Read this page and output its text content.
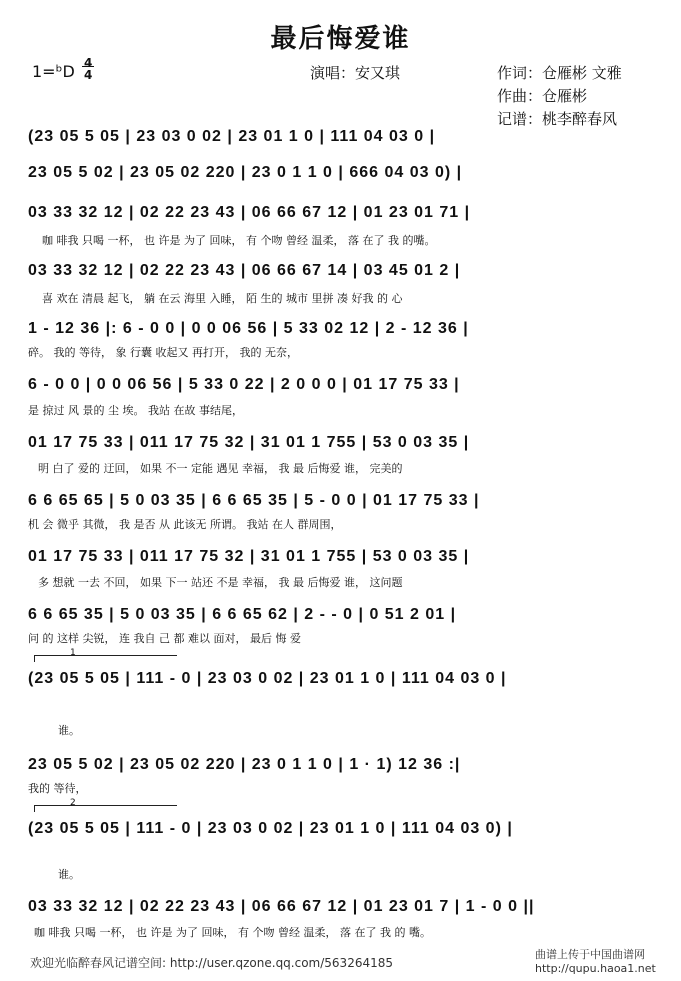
最后悔爱谁
1=ᵇD 4
4	演唱：安又琪	作词：仓雁彬 文雅
作曲：仓雁彬
记谱：桃李醉春风
(23 05 5 05 | 23 03 0 02 | 23 01 1 0 | 111 04 03 0 |
23 05 5 02 | 23 05 02 220 | 23 0 1 1 0 | 666 04 03 0) |
03 33 32 12 | 02 22 23 43 | 06 66 67 12 | 01 23 01 71 |
咖 啡我 只喝 一杯， 也 许是 为了 回味， 有 个吻 曾经 温柔， 落 在了 我 的嘴。
03 33 32 12 | 02 22 23 43 | 06 66 67 14 | 03 45 01 2 |
喜 欢在 清晨 起飞， 躺 在云 海里 入睡， 陌 生的 城市 里拼 凑 好我 的 心
1 - 12 36 |: 6 - 0 0 | 0 0 06 56 | 5 33 02 12 | 2 - 12 36 |
碎。 我的 等待， 象 行囊 收起又 再打开， 我的 无奈，
6 - 0 0 | 0 0 06 56 | 5 33 0 22 | 2 0 0 0 | 01 17 75 33 |
是 掠过 风 景的 尘 埃。 我站 在故 事结尾，
01 17 75 33 | 011 17 75 32 | 31 01 1 755 | 53 0 03 35 |
明 白了 爱的 迂回， 如果 不一 定能 遇见 幸福， 我 最 后悔爱 谁， 完美的
6 6 65 65 | 5 0 03 35 | 6 6 65 35 | 5 - 0 0 | 01 17 75 33 |
机 会 微乎 其微， 我 是否 从 此该无 所谓。 我站 在人 群周围，
01 17 75 33 | 011 17 75 32 | 31 01 1 755 | 53 0 03 35 |
多 想就 一去 不回， 如果 下一 站还 不是 幸福， 我 最 后悔爱 谁， 这问题
6 6 65 35 | 5 0 03 35 | 6 6 65 62 | 2 - - 0 | 0 51 2 01 |
问 的 这样 尖锐， 连 我自 己 都 难以 面对， 最后 悔 爱
1
(23 05 5 05 | 111 - 0 | 23 03 0 02 | 23 01 1 0 | 111 04 03 0 |
谁。
23 05 5 02 | 23 05 02 220 | 23 0 1 1 0 | 1 · 1) 12 36 :|
我的 等待，
2
(23 05 5 05 | 111 - 0 | 23 03 0 02 | 23 01 1 0 | 111 04 03 0) |
谁。
03 33 32 12 | 02 22 23 43 | 06 66 67 12 | 01 23 01 7 | 1 - 0 0 ||
咖 啡我 只喝 一杯， 也 许是 为了 回味， 有 个吻 曾经 温柔， 落 在了 我 的 嘴。
欢迎光临醉春风记谱空间: http://user.qzone.qq.com/563264185
曲谱上传于中国曲谱网
http://qupu.haoa1.net
